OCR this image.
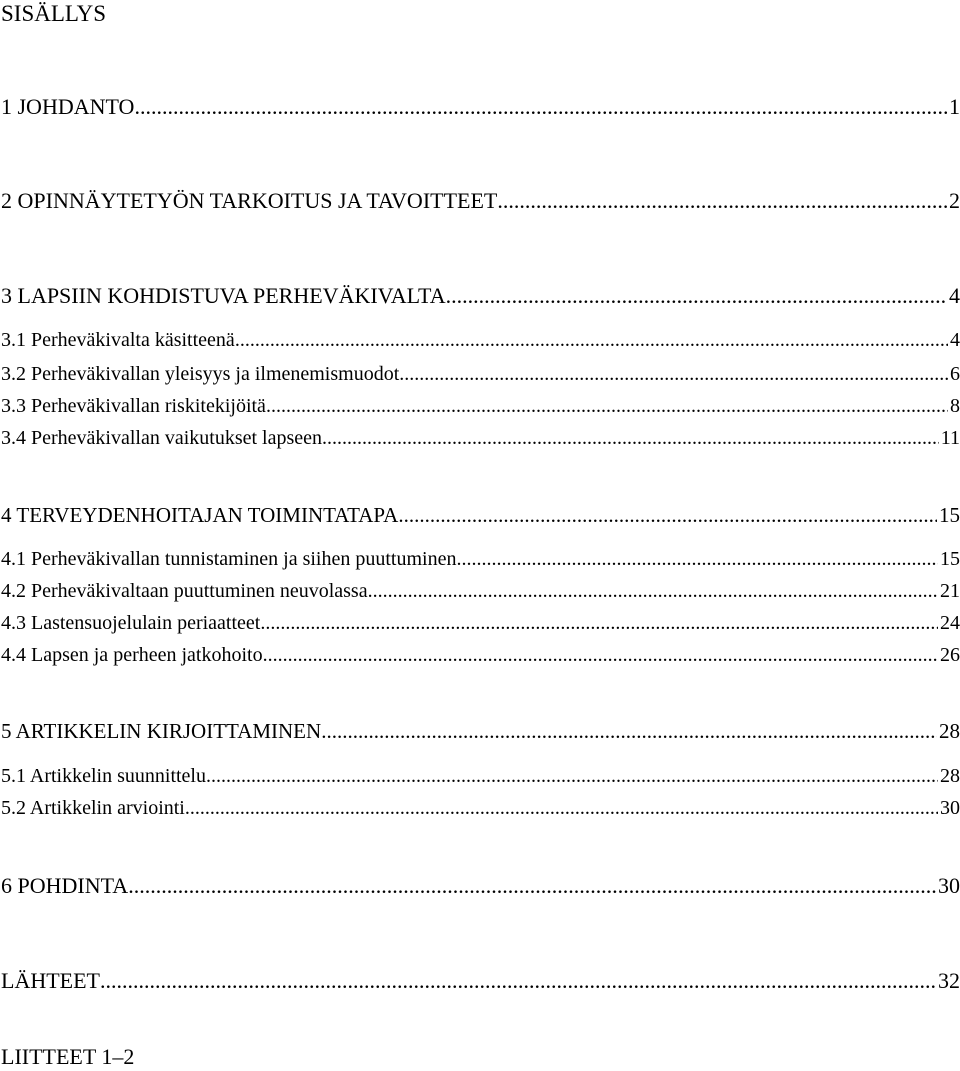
SISÄLLYS
1 JOHDANTO .....	1
2 OPINNÄYTETYÖN TARKOITUS JA TAVOITTEET .....	2
3 LAPSIIN KOHDISTUVA PERHEVÄKIVALTA .....	4
3.1 Perheväkivalta käsitteenä .....	4
3.2 Perheväkivallan yleisyys ja ilmenemismuodot .....	6
3.3 Perheväkivallan riskitekijöitä .....	8
3.4 Perheväkivallan vaikutukset lapseen .....	11
4 TERVEYDENHOITAJAN TOIMINTATAPA .....	15
4.1 Perheväkivallan tunnistaminen ja siihen puuttuminen .....	15
4.2 Perheväkivaltaan puuttuminen neuvolassa .....	21
4.3 Lastensuojelulain periaatteet .....	24
4.4 Lapsen ja perheen jatkohoito .....	26
5 ARTIKKELIN KIRJOITTAMINEN .....	28
5.1 Artikkelin suunnittelu .....	28
5.2 Artikkelin arviointi .....	30
6 POHDINTA .....	30
LÄHTEET .....	32
LIITTEET 1–2
